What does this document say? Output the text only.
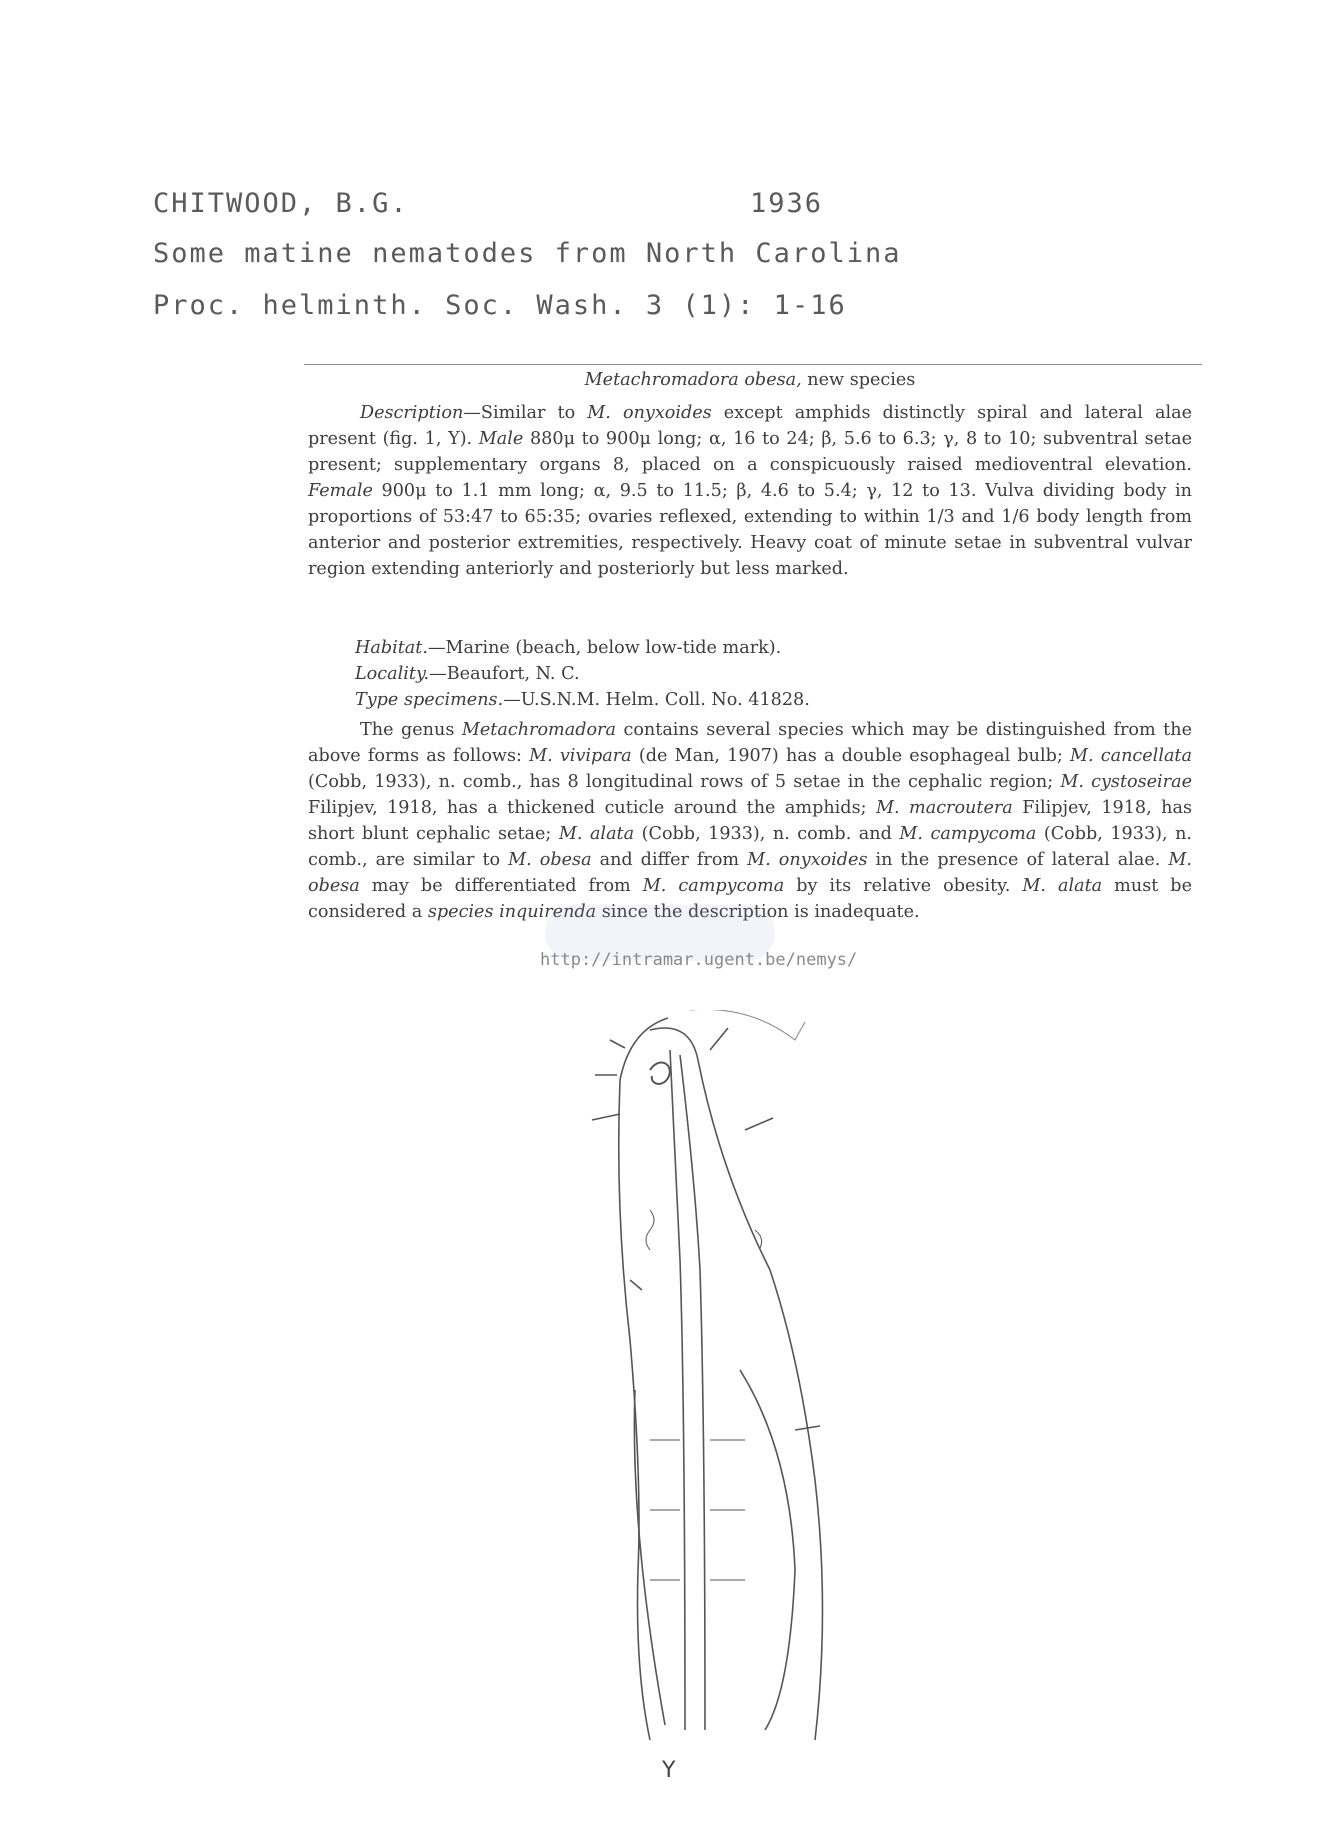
CHITWOOD, B.G.	1936
Some matine nematodes from North Carolina
Proc. helminth. Soc. Wash. 3 (1): 1-16
Metachromadora obesa, new species
Description—Similar to M. onyxoides except amphids distinctly spiral and lateral alae present (fig. 1, Y). Male 880μ to 900μ long; α, 16 to 24; β, 5.6 to 6.3; γ, 8 to 10; subventral setae present; supplementary organs 8, placed on a conspicuously raised medioventral elevation. Female 900μ to 1.1 mm long; α, 9.5 to 11.5; β, 4.6 to 5.4; γ, 12 to 13. Vulva dividing body in proportions of 53:47 to 65:35; ovaries reflexed, extending to within 1/3 and 1/6 body length from anterior and posterior extremities, respectively. Heavy coat of minute setae in subventral vulvar region extending anteriorly and posteriorly but less marked.
Habitat.—Marine (beach, below low-tide mark).
Locality.—Beaufort, N. C.
Type specimens.—U.S.N.M. Helm. Coll. No. 41828.
The genus Metachromadora contains several species which may be distinguished from the above forms as follows: M. vivipara (de Man, 1907) has a double esophageal bulb; M. cancellata (Cobb, 1933), n. comb., has 8 longitudinal rows of 5 setae in the cephalic region; M. cystoseirae Filipjev, 1918, has a thickened cuticle around the amphids; M. macroutera Filipjev, 1918, has short blunt cephalic setae; M. alata (Cobb, 1933), n. comb. and M. campycoma (Cobb, 1933), n. comb., are similar to M. obesa and differ from M. onyxoides in the presence of lateral alae. M. obesa may be differentiated from M. campycoma by its relative obesity. M. alata must be considered a species inquirenda since the description is inadequate.
http://intramar.ugent.be/nemys/
Y
